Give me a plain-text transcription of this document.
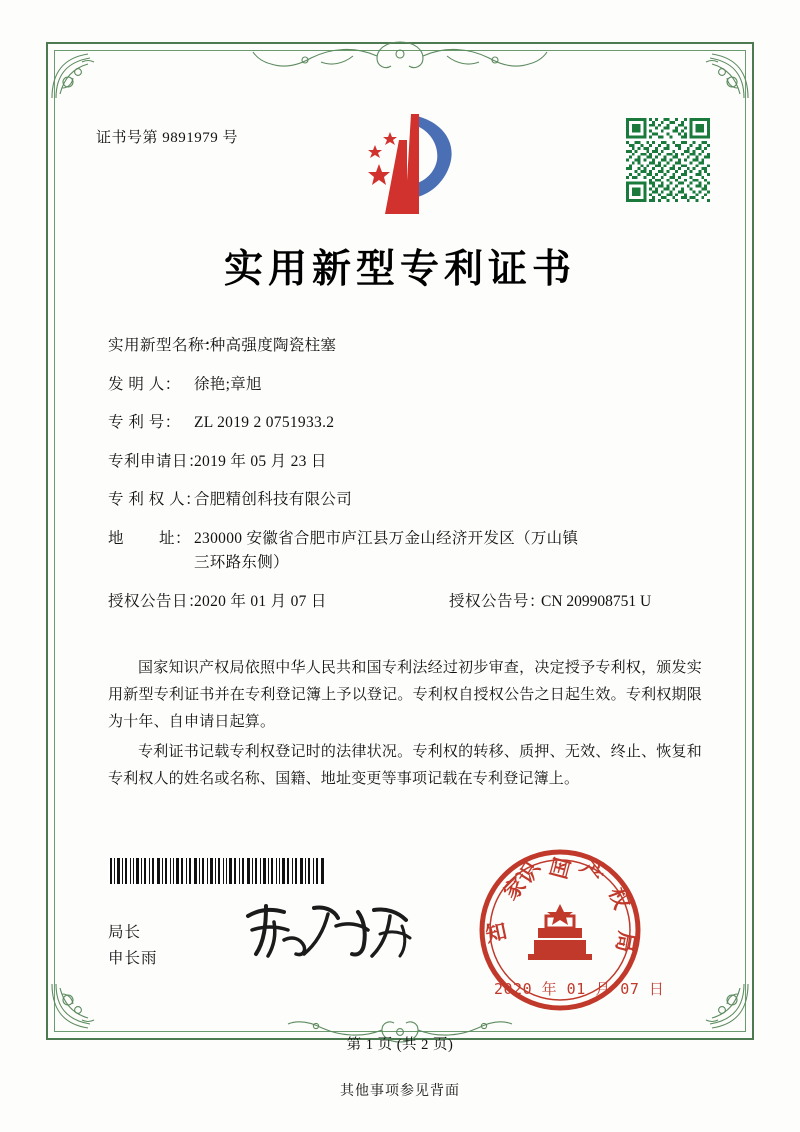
证书号第 9891979 号
实用新型专利证书
实用新型名称：
一种高强度陶瓷柱塞
发 明 人： 徐艳;章旭
专 利 号： ZL 2019 2 0751933.2
专利申请日：
2019 年 05 月 23 日
专 利 权 人：
合肥精创科技有限公司
地        址： 230000 安徽省合肥市庐江县万金山经济开发区（万山镇
三环路东侧）
授权公告日：
2020 年 01 月 07 日	授权公告号：
CN 209908751 U

国家知识产权局依照中华人民共和国专利法经过初步审查，决定授予专利权，颁发实用新型专利证书并在专利登记簿上予以登记。专利权自授权公告之日起生效。专利权期限为十年、自申请日起算。

专利证书记载专利权登记时的法律状况。专利权的转移、质押、无效、终止、恢复和专利权人的姓名或名称、国籍、地址变更等事项记载在专利登记簿上。

局长
申长雨
国
家
知
识 产
权
局
2020 年 01 月 07 日
第 1 页 (共 2 页)
其他事项参见背面
